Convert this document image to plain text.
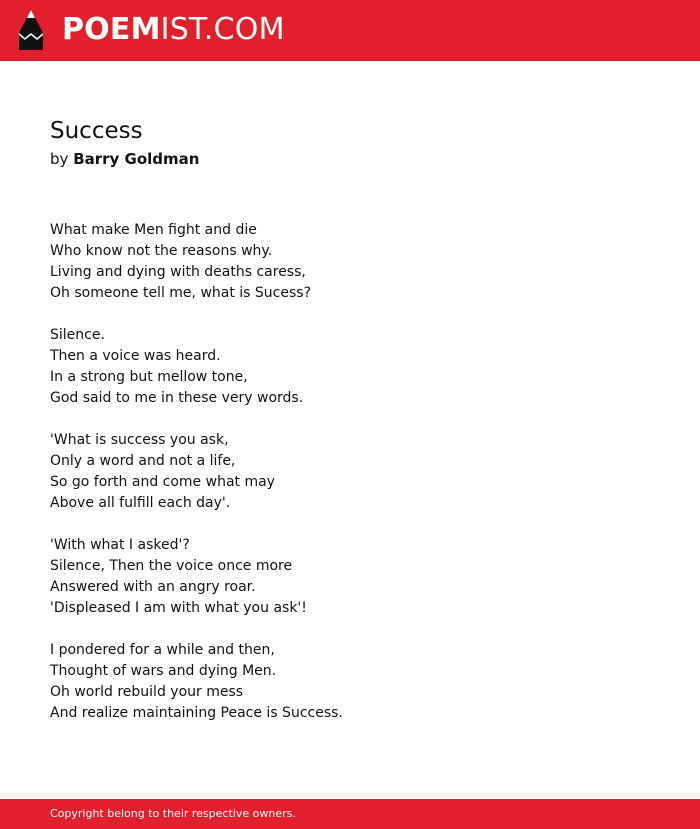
POEMIST.COM
Success
by Barry Goldman
What make Men fight and die
Who know not the reasons why.
Living and dying with deaths caress,
Oh someone tell me, what is Sucess?
Silence.
Then a voice was heard.
In a strong but mellow tone,
God said to me in these very words.
'What is success you ask,
Only a word and not a life,
So go forth and come what may
Above all fulfill each day'.
'With what I asked'?
Silence, Then the voice once more
Answered with an angry roar.
'Displeased I am with what you ask'!
I pondered for a while and then,
Thought of wars and dying Men.
Oh world rebuild your mess
And realize maintaining Peace is Success.
Copyright belong to their respective owners.
